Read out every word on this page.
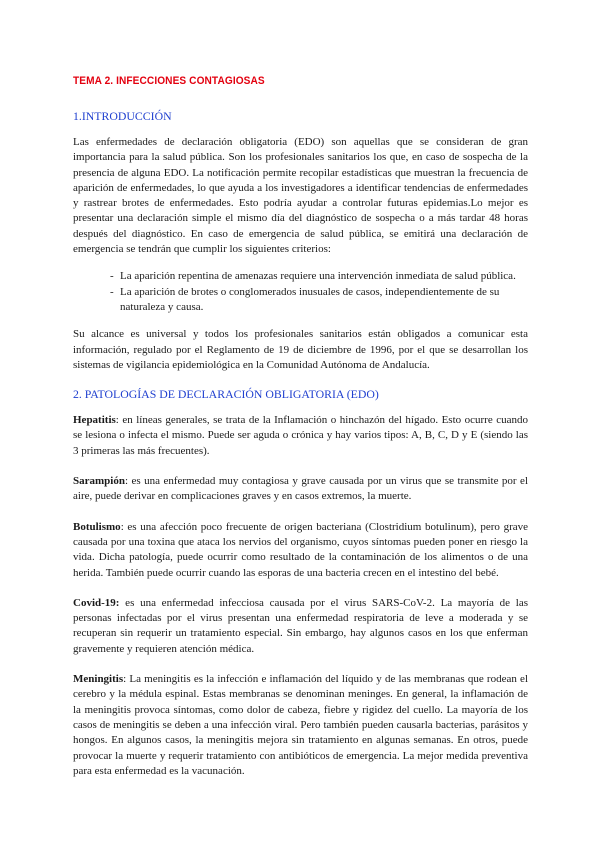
TEMA 2. INFECCIONES CONTAGIOSAS
1.INTRODUCCIÓN

Las enfermedades de declaración obligatoria (EDO) son aquellas que se consideran de gran importancia para la salud pública. Son los profesionales sanitarios los que, en caso de sospecha de la presencia de alguna EDO. La notificación permite recopilar estadísticas que muestran la frecuencia de aparición de enfermedades, lo que ayuda a los investigadores a identificar tendencias de enfermedades y rastrear brotes de enfermedades. Esto podría ayudar a controlar futuras epidemias.Lo mejor es presentar una declaración simple el mismo día del diagnóstico de sospecha o a más tardar 48 horas después del diagnóstico. En caso de emergencia de salud pública, se emitirá una declaración de emergencia se tendrán que cumplir los siguientes criterios:

- La aparición repentina de amenazas requiere una intervención inmediata de salud pública.
- La aparición de brotes o conglomerados inusuales de casos, independientemente de su naturaleza y causa.

Su alcance es universal y todos los profesionales sanitarios están obligados a comunicar esta información, regulado por el Reglamento de 19 de diciembre de 1996, por el que se desarrollan los sistemas de vigilancia epidemiológica en la Comunidad Autónoma de Andalucía.

2. PATOLOGÍAS DE DECLARACIÓN OBLIGATORIA (EDO)

Hepatitis: en líneas generales, se trata de la Inflamación o hinchazón del hígado. Esto ocurre cuando se lesiona o infecta el mismo. Puede ser aguda o crónica y hay varios tipos: A, B, C, D y E (siendo las 3 primeras las más frecuentes).

Sarampión: es una enfermedad muy contagiosa y grave causada por un virus que se transmite por el aire, puede derivar en complicaciones graves y en casos extremos, la muerte.

Botulismo: es una afección poco frecuente de origen bacteriana (Clostridium botulinum), pero grave causada por una toxina que ataca los nervios del organismo, cuyos síntomas pueden poner en riesgo la vida. Dicha patología, puede ocurrir como resultado de la contaminación de los alimentos o de una herida. También puede ocurrir cuando las esporas de una bacteria crecen en el intestino del bebé.

Covid-19: es una enfermedad infecciosa causada por el virus SARS-CoV-2. La mayoría de las personas infectadas por el virus presentan una enfermedad respiratoria de leve a moderada y se recuperan sin requerir un tratamiento especial. Sin embargo, hay algunos casos en los que enferman gravemente y requieren atención médica.

Meningitis: La meningitis es la infección e inflamación del líquido y de las membranas que rodean el cerebro y la médula espinal. Estas membranas se denominan meninges. En general, la inflamación de la meningitis provoca síntomas, como dolor de cabeza, fiebre y rigidez del cuello. La mayoría de los casos de meningitis se deben a una infección viral. Pero también pueden causarla bacterias, parásitos y hongos. En algunos casos, la meningitis mejora sin tratamiento en algunas semanas. En otros, puede provocar la muerte y requerir tratamiento con antibióticos de emergencia. La mejor medida preventiva para esta enfermedad es la vacunación.
